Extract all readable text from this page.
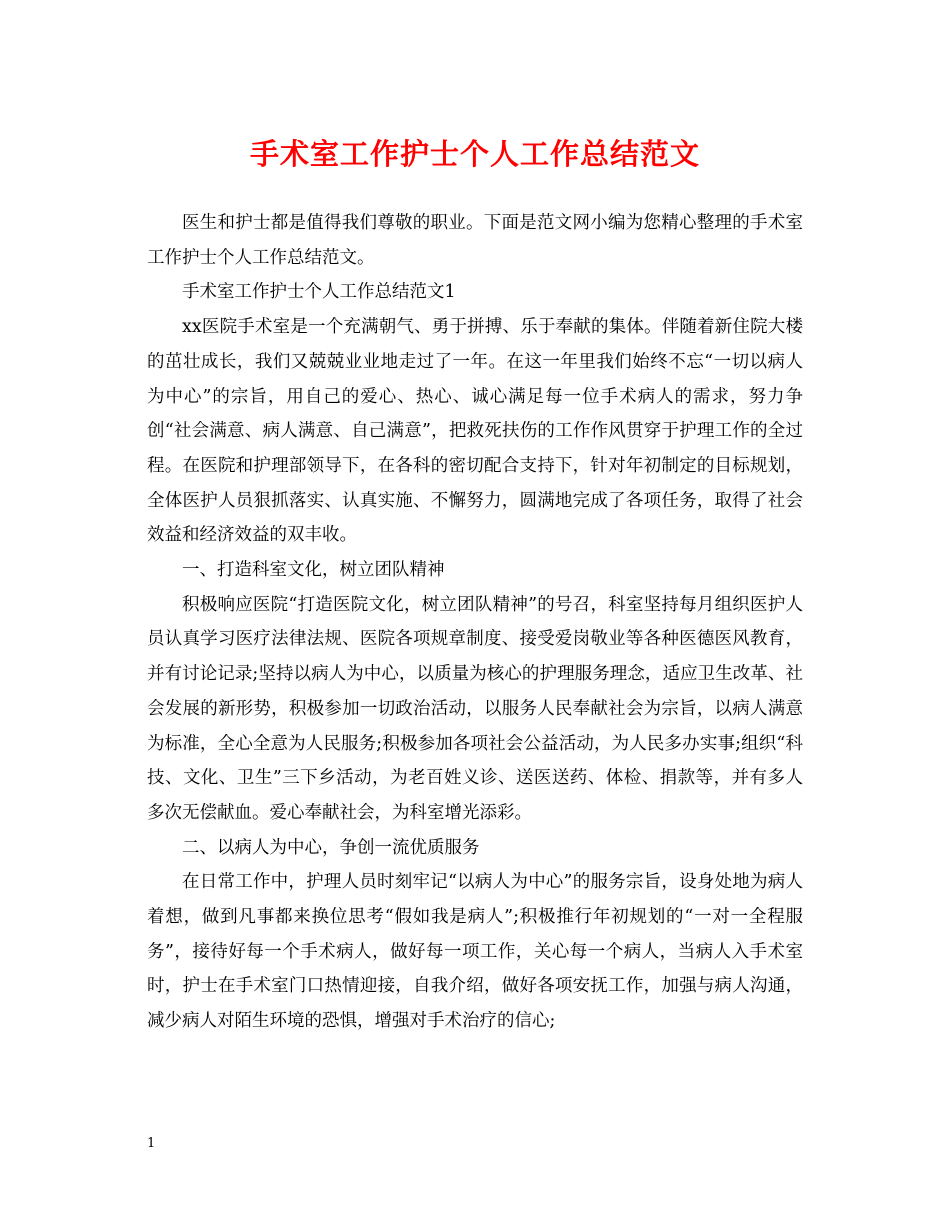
手术室工作护士个人工作总结范文

医生和护士都是值得我们尊敬的职业。下面是范文网小编为您精心整理的手术室工作护士个人工作总结范文。

手术室工作护士个人工作总结范文1

xx医院手术室是一个充满朝气、勇于拼搏、乐于奉献的集体。伴随着新住院大楼的茁壮成长，我们又兢兢业业地走过了一年。在这一年里我们始终不忘“一切以病人为中心”的宗旨，用自己的爱心、热心、诚心满足每一位手术病人的需求，努力争创“社会满意、病人满意、自己满意”，把救死扶伤的工作作风贯穿于护理工作的全过程。在医院和护理部领导下，在各科的密切配合支持下，针对年初制定的目标规划，全体医护人员狠抓落实、认真实施、不懈努力，圆满地完成了各项任务，取得了社会效益和经济效益的双丰收。

一、打造科室文化，树立团队精神

积极响应医院“打造医院文化，树立团队精神”的号召，科室坚持每月组织医护人员认真学习医疗法律法规、医院各项规章制度、接受爱岗敬业等各种医德医风教育，并有讨论记录;坚持以病人为中心，以质量为核心的护理服务理念，适应卫生改革、社会发展的新形势，积极参加一切政治活动，以服务人民奉献社会为宗旨，以病人满意为标准，全心全意为人民服务;积极参加各项社会公益活动，为人民多办实事;组织“科技、文化、卫生”三下乡活动，为老百姓义诊、送医送药、体检、捐款等，并有多人多次无偿献血。爱心奉献社会，为科室增光添彩。

二、以病人为中心，争创一流优质服务

在日常工作中，护理人员时刻牢记“以病人为中心”的服务宗旨，设身处地为病人着想，做到凡事都来换位思考“假如我是病人”;积极推行年初规划的“一对一全程服务”，接待好每一个手术病人，做好每一项工作，关心每一个病人，当病人入手术室时，护士在手术室门口热情迎接，自我介绍，做好各项安抚工作，加强与病人沟通，减少病人对陌生环境的恐惧，增强对手术治疗的信心;

1
